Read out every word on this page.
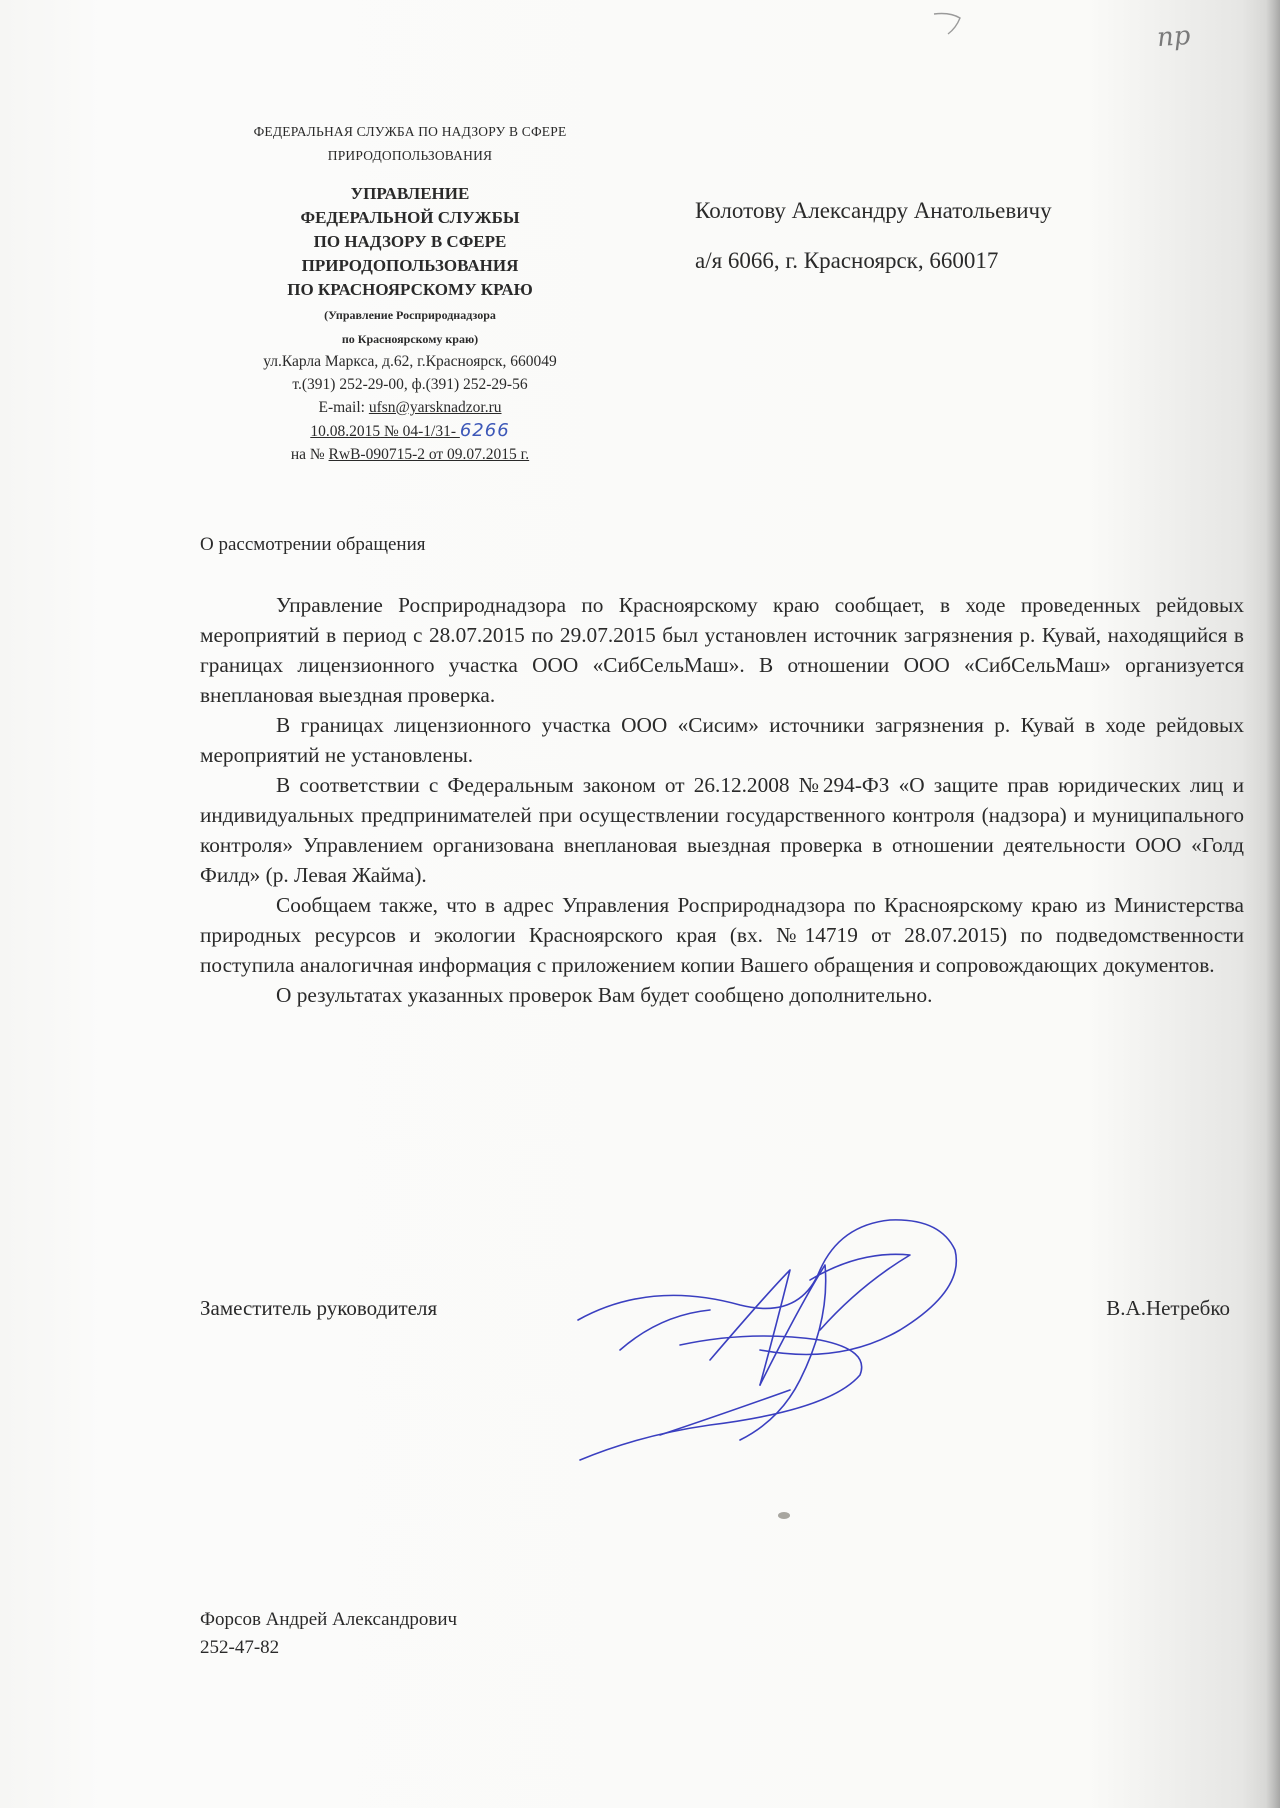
пр
ФЕДЕРАЛЬНАЯ СЛУЖБА ПО НАДЗОРУ В СФЕРЕ
ПРИРОДОПОЛЬЗОВАНИЯ
УПРАВЛЕНИЕ
ФЕДЕРАЛЬНОЙ СЛУЖБЫ
ПО НАДЗОРУ В СФЕРЕ
ПРИРОДОПОЛЬЗОВАНИЯ
ПО КРАСНОЯРСКОМУ КРАЮ
(Управление Росприроднадзора
по Красноярскому краю)
ул.Карла Маркса, д.62, г.Красноярск, 660049
т.(391) 252-29-00, ф.(391) 252-29-56
E-mail: ufsn@yarsknadzor.ru
10.08.2015 № 04-1/31- 6266
на № RwB-090715-2 от 09.07.2015 г.
Колотову Александру Анатольевичу
а/я 6066, г. Красноярск, 660017
О рассмотрении обращения

Управление Росприроднадзора по Красноярскому краю сообщает, в ходе проведенных рейдовых мероприятий в период с 28.07.2015 по 29.07.2015 был установлен источник загрязнения р. Кувай, находящийся в границах лицензионного участка ООО «СибСельМаш». В отношении ООО «СибСельМаш» организуется внеплановая выездная проверка.

В границах лицензионного участка ООО «Сисим» источники загрязнения р. Кувай в ходе рейдовых мероприятий не установлены.

В соответствии с Федеральным законом от 26.12.2008 №294-ФЗ «О защите прав юридических лиц и индивидуальных предпринимателей при осуществлении государственного контроля (надзора) и муниципального контроля» Управлением организована внеплановая выездная проверка в отношении деятельности ООО «Голд Филд» (р. Левая Жайма).

Сообщаем также, что в адрес Управления Росприроднадзора по Красноярскому краю из Министерства природных ресурсов и экологии Красноярского края (вх. №14719 от 28.07.2015) по подведомственности поступила аналогичная информация с приложением копии Вашего обращения и сопровождающих документов.

О результатах указанных проверок Вам будет сообщено дополнительно.

Заместитель руководителя	В.А.Нетребко
Форсов Андрей Александрович
252-47-82
